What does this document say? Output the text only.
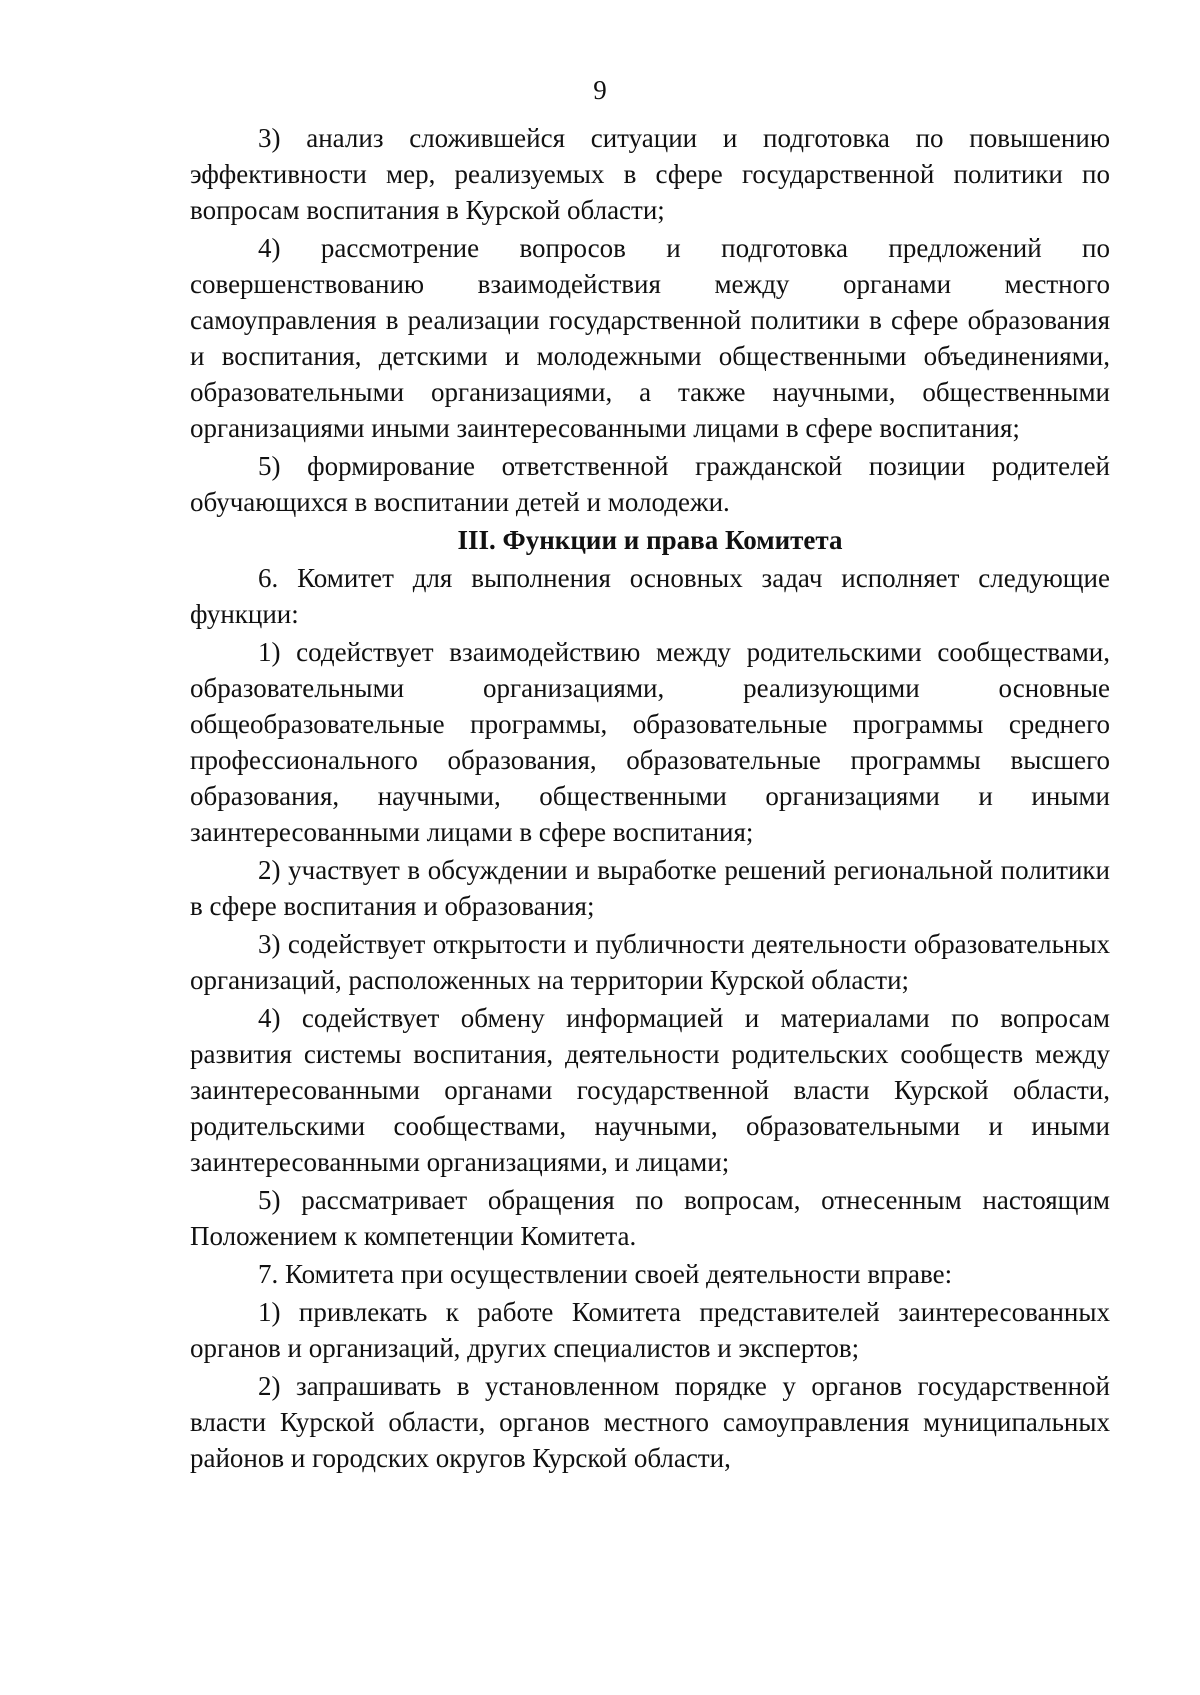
9

3) анализ сложившейся ситуации и подготовка по повышению эффективности мер, реализуемых в сфере государственной политики по вопросам воспитания в Курской области;

4) рассмотрение вопросов и подготовка предложений по совершенствованию взаимодействия между органами местного самоуправления в реализации государственной политики в сфере образования и воспитания, детскими и молодежными общественными объединениями, образовательными организациями, а также научными, общественными организациями иными заинтересованными лицами в сфере воспитания;

5) формирование ответственной гражданской позиции родителей обучающихся в воспитании детей и молодежи.

III. Функции и права Комитета

6. Комитет для выполнения основных задач исполняет следующие функции:

1) содействует взаимодействию между родительскими сообществами, образовательными организациями, реализующими основные общеобразовательные программы, образовательные программы среднего профессионального образования, образовательные программы высшего образования, научными, общественными организациями и иными заинтересованными лицами в сфере воспитания;

2) участвует в обсуждении и выработке решений региональной политики в сфере воспитания и образования;

3) содействует открытости и публичности деятельности образовательных организаций, расположенных на территории Курской области;

4) содействует обмену информацией и материалами по вопросам развития системы воспитания, деятельности родительских сообществ между заинтересованными органами государственной власти Курской области, родительскими сообществами, научными, образовательными и иными заинтересованными организациями, и лицами;

5) рассматривает обращения по вопросам, отнесенным настоящим Положением к компетенции Комитета.

7. Комитета при осуществлении своей деятельности вправе:

1) привлекать к работе Комитета представителей заинтересованных органов и организаций, других специалистов и экспертов;

2) запрашивать в установленном порядке у органов государственной власти Курской области, органов местного самоуправления муниципальных районов и городских округов Курской области,
